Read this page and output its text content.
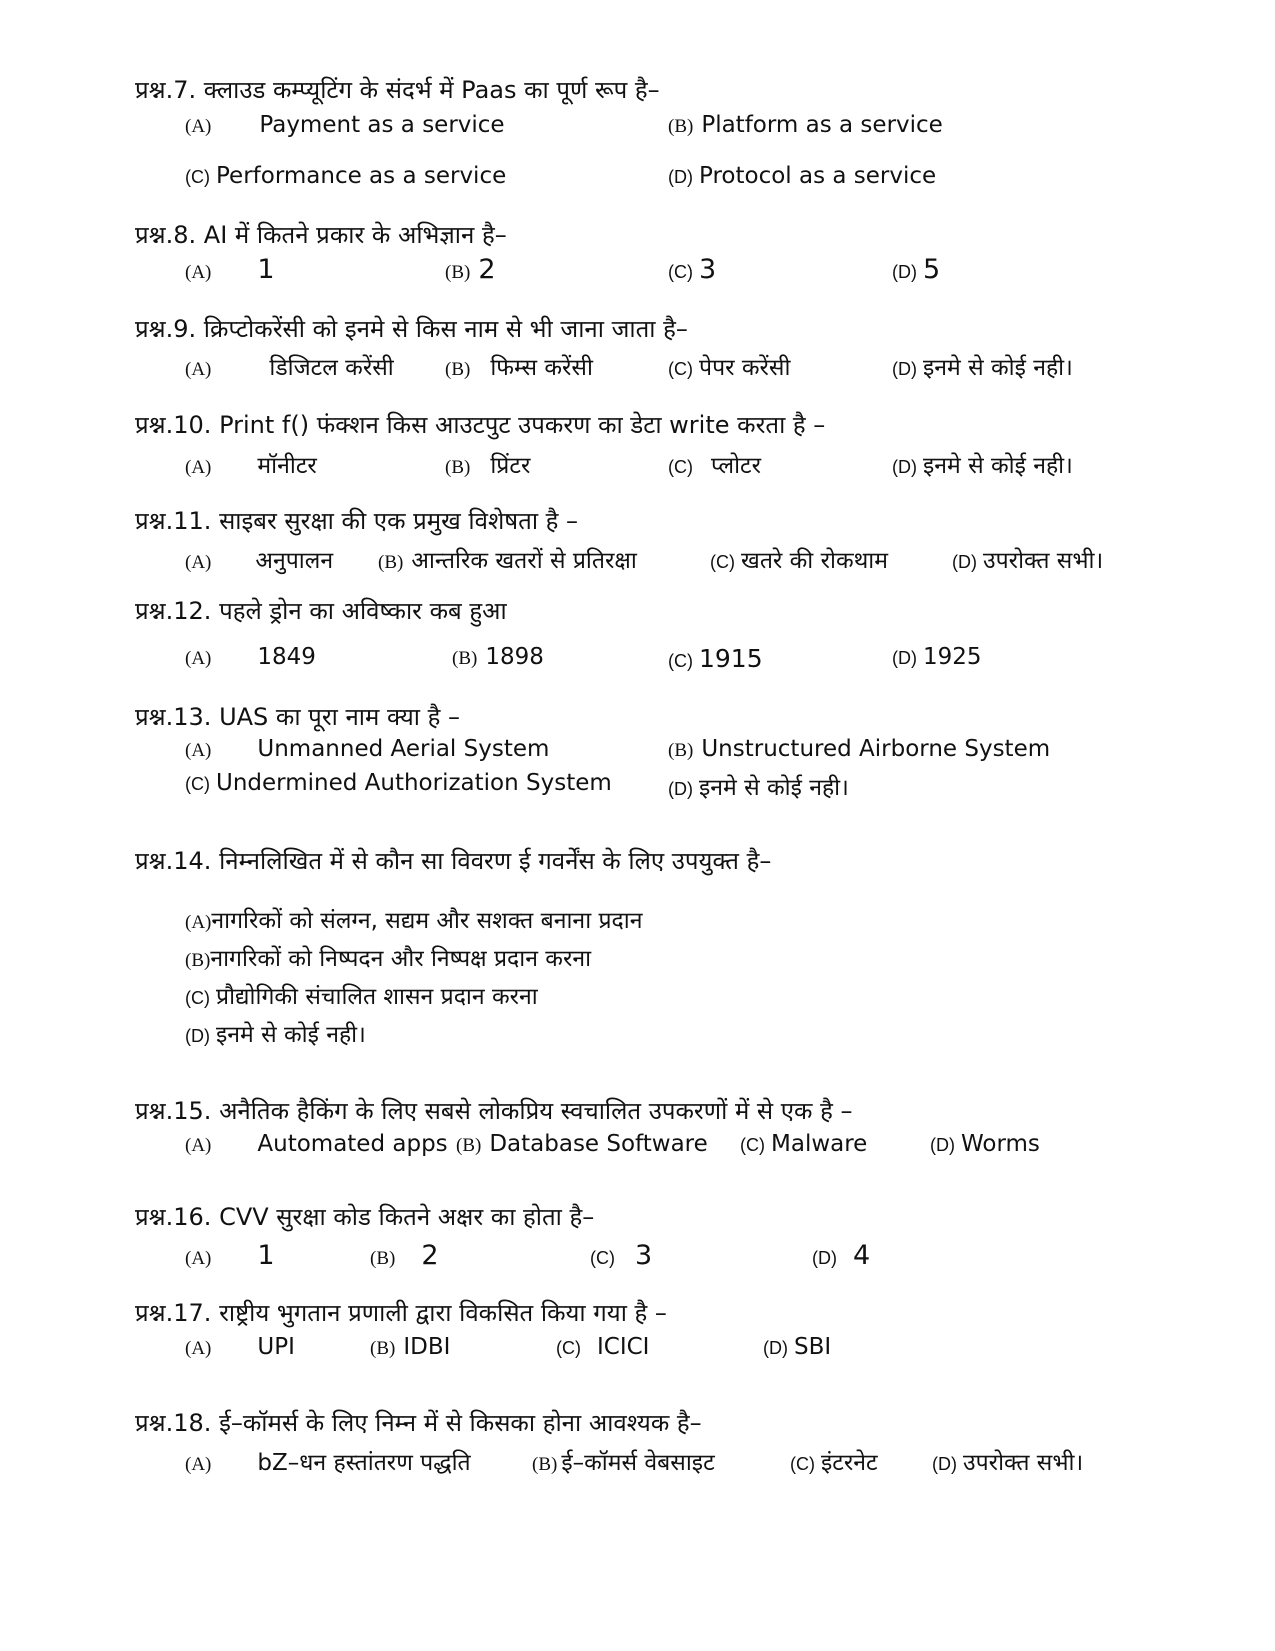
प्रश्न.7. क्लाउड कम्प्यूटिंग के संदर्भ में Paas का पूर्ण रूप है–
(A) Payment as a service	(B) Platform as a service
(C) Performance as a service	(D) Protocol as a service
प्रश्न.8. AI में कितने प्रकार के अभिज्ञान है–
(A) 1	(B) 2	(C) 3	(D) 5
प्रश्न.9. क्रिप्टोकरेंसी को इनमे से किस नाम से भी जाना जाता है–
(A)	डिजिटल करेंसी	(B) फिम्स करेंसी	(C) पेपर करेंसी	(D) इनमे से कोई नही।
प्रश्न.10. Print f() फंक्शन किस आउटपुट उपकरण का डेटा write करता है –
(A) मॉनीटर	(B) प्रिंटर	(C) प्लोटर	(D) इनमे से कोई नही।
प्रश्न.11. साइबर सुरक्षा की एक प्रमुख विशेषता है –
(A) अनुपालन (B) आन्तरिक खतरों से प्रतिरक्षा	(C) खतरे की रोकथाम	(D) उपरोक्त सभी।
प्रश्न.12. पहले ड्रोन का अविष्कार कब हुआ
(A) 1849	(B) 1898	(C) 1915	(D) 1925
प्रश्न.13. UAS का पूरा नाम क्या है –
(A) Unmanned Aerial System	(B) Unstructured Airborne System
(C) Undermined Authorization System	(D) इनमे से कोई नही।
प्रश्न.14. निम्नलिखित में से कौन सा विवरण ई गवर्नेंस के लिए उपयुक्त है–
(A)नागरिकों को संलग्न, सद्यम और सशक्त बनाना प्रदान
(B)नागरिकों को निष्पदन और निष्पक्ष प्रदान करना
(C) प्रौद्योगिकी संचालित शासन प्रदान करना
(D) इनमे से कोई नही।
प्रश्न.15. अनैतिक हैकिंग के लिए सबसे लोकप्रिय स्वचालित उपकरणों में से एक है –
(A) Automated apps (B) Database Software (C) Malware	(D) Worms
प्रश्न.16. CVV सुरक्षा कोड कितने अक्षर का होता है–
(A) 1	(B) 2	(C) 3	(D) 4
प्रश्न.17. राष्ट्रीय भुगतान प्रणाली द्वारा विकसित किया गया है –
(A) UPI	(B) IDBI	(C) ICICI	(D) SBI
प्रश्न.18. ई–कॉमर्स के लिए निम्न में से किसका होना आवश्यक है–
(A) bZ–धन हस्तांतरण पद्धति	(B) ई–कॉमर्स वेबसाइट	(C) इंटरनेट	(D) उपरोक्त सभी।
